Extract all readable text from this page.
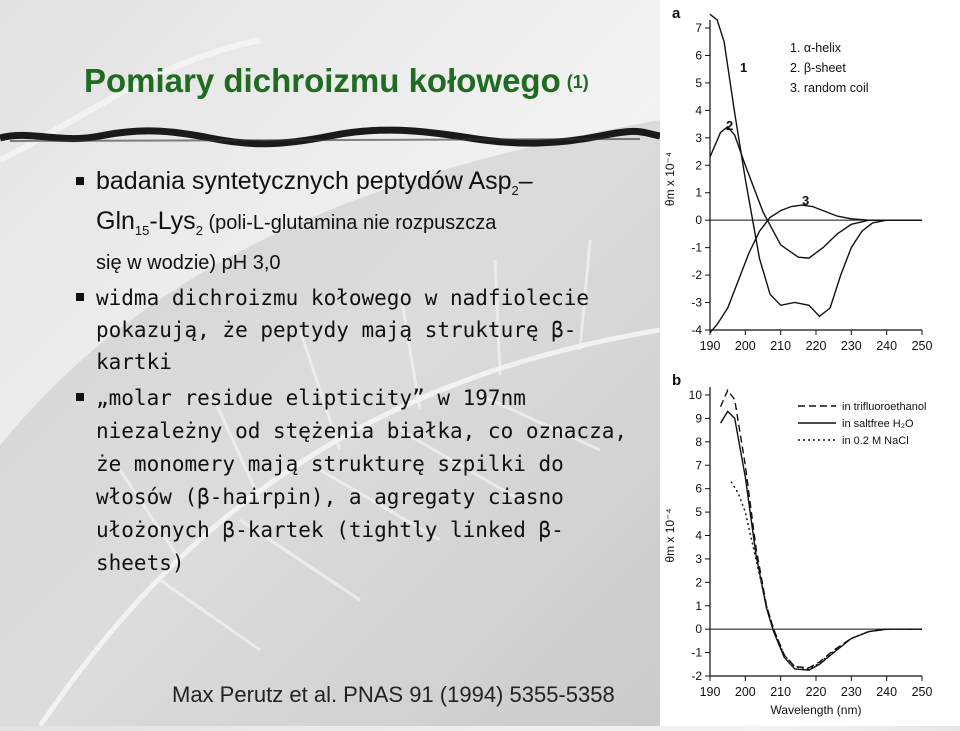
Pomiary dichroizmu kołowego (1)
badania syntetycznych peptydów Asp$_2$–
Gln$_{15}$-Lys$_2$ (poli-L-glutamina nie rozpuszcza
się w wodzie) pH 3,0
widma dichroizmu kołowego w nadfiolecie
pokazują, że peptydy mają strukturę β-
kartki
„molar residue elipticity” w 197nm
niezależny od stężenia białka, co oznacza,
że monomery mają strukturę szpilki do
włosów (β-hairpin), a agregaty ciasno
ułożonych β-kartek (tightly linked β-
sheets)
Max Perutz et al. PNAS 91 (1994) 5355-5358
a
-4
-3
-2
-1
0
1
2
3
4
5
6
7
190 200 210 220 230 240 250
θm x 10⁻⁴
1
2
3
1. α-helix
2. β-sheet
3. random coil
b
-2
-1
0
1
2
3
4
5
6
7
8
9
10
190 200 210 220 230 240 250
θm x 10⁻⁴
Wavelength (nm)
in trifluoroethanol
in saltfree H₂O
in 0.2 M NaCl
